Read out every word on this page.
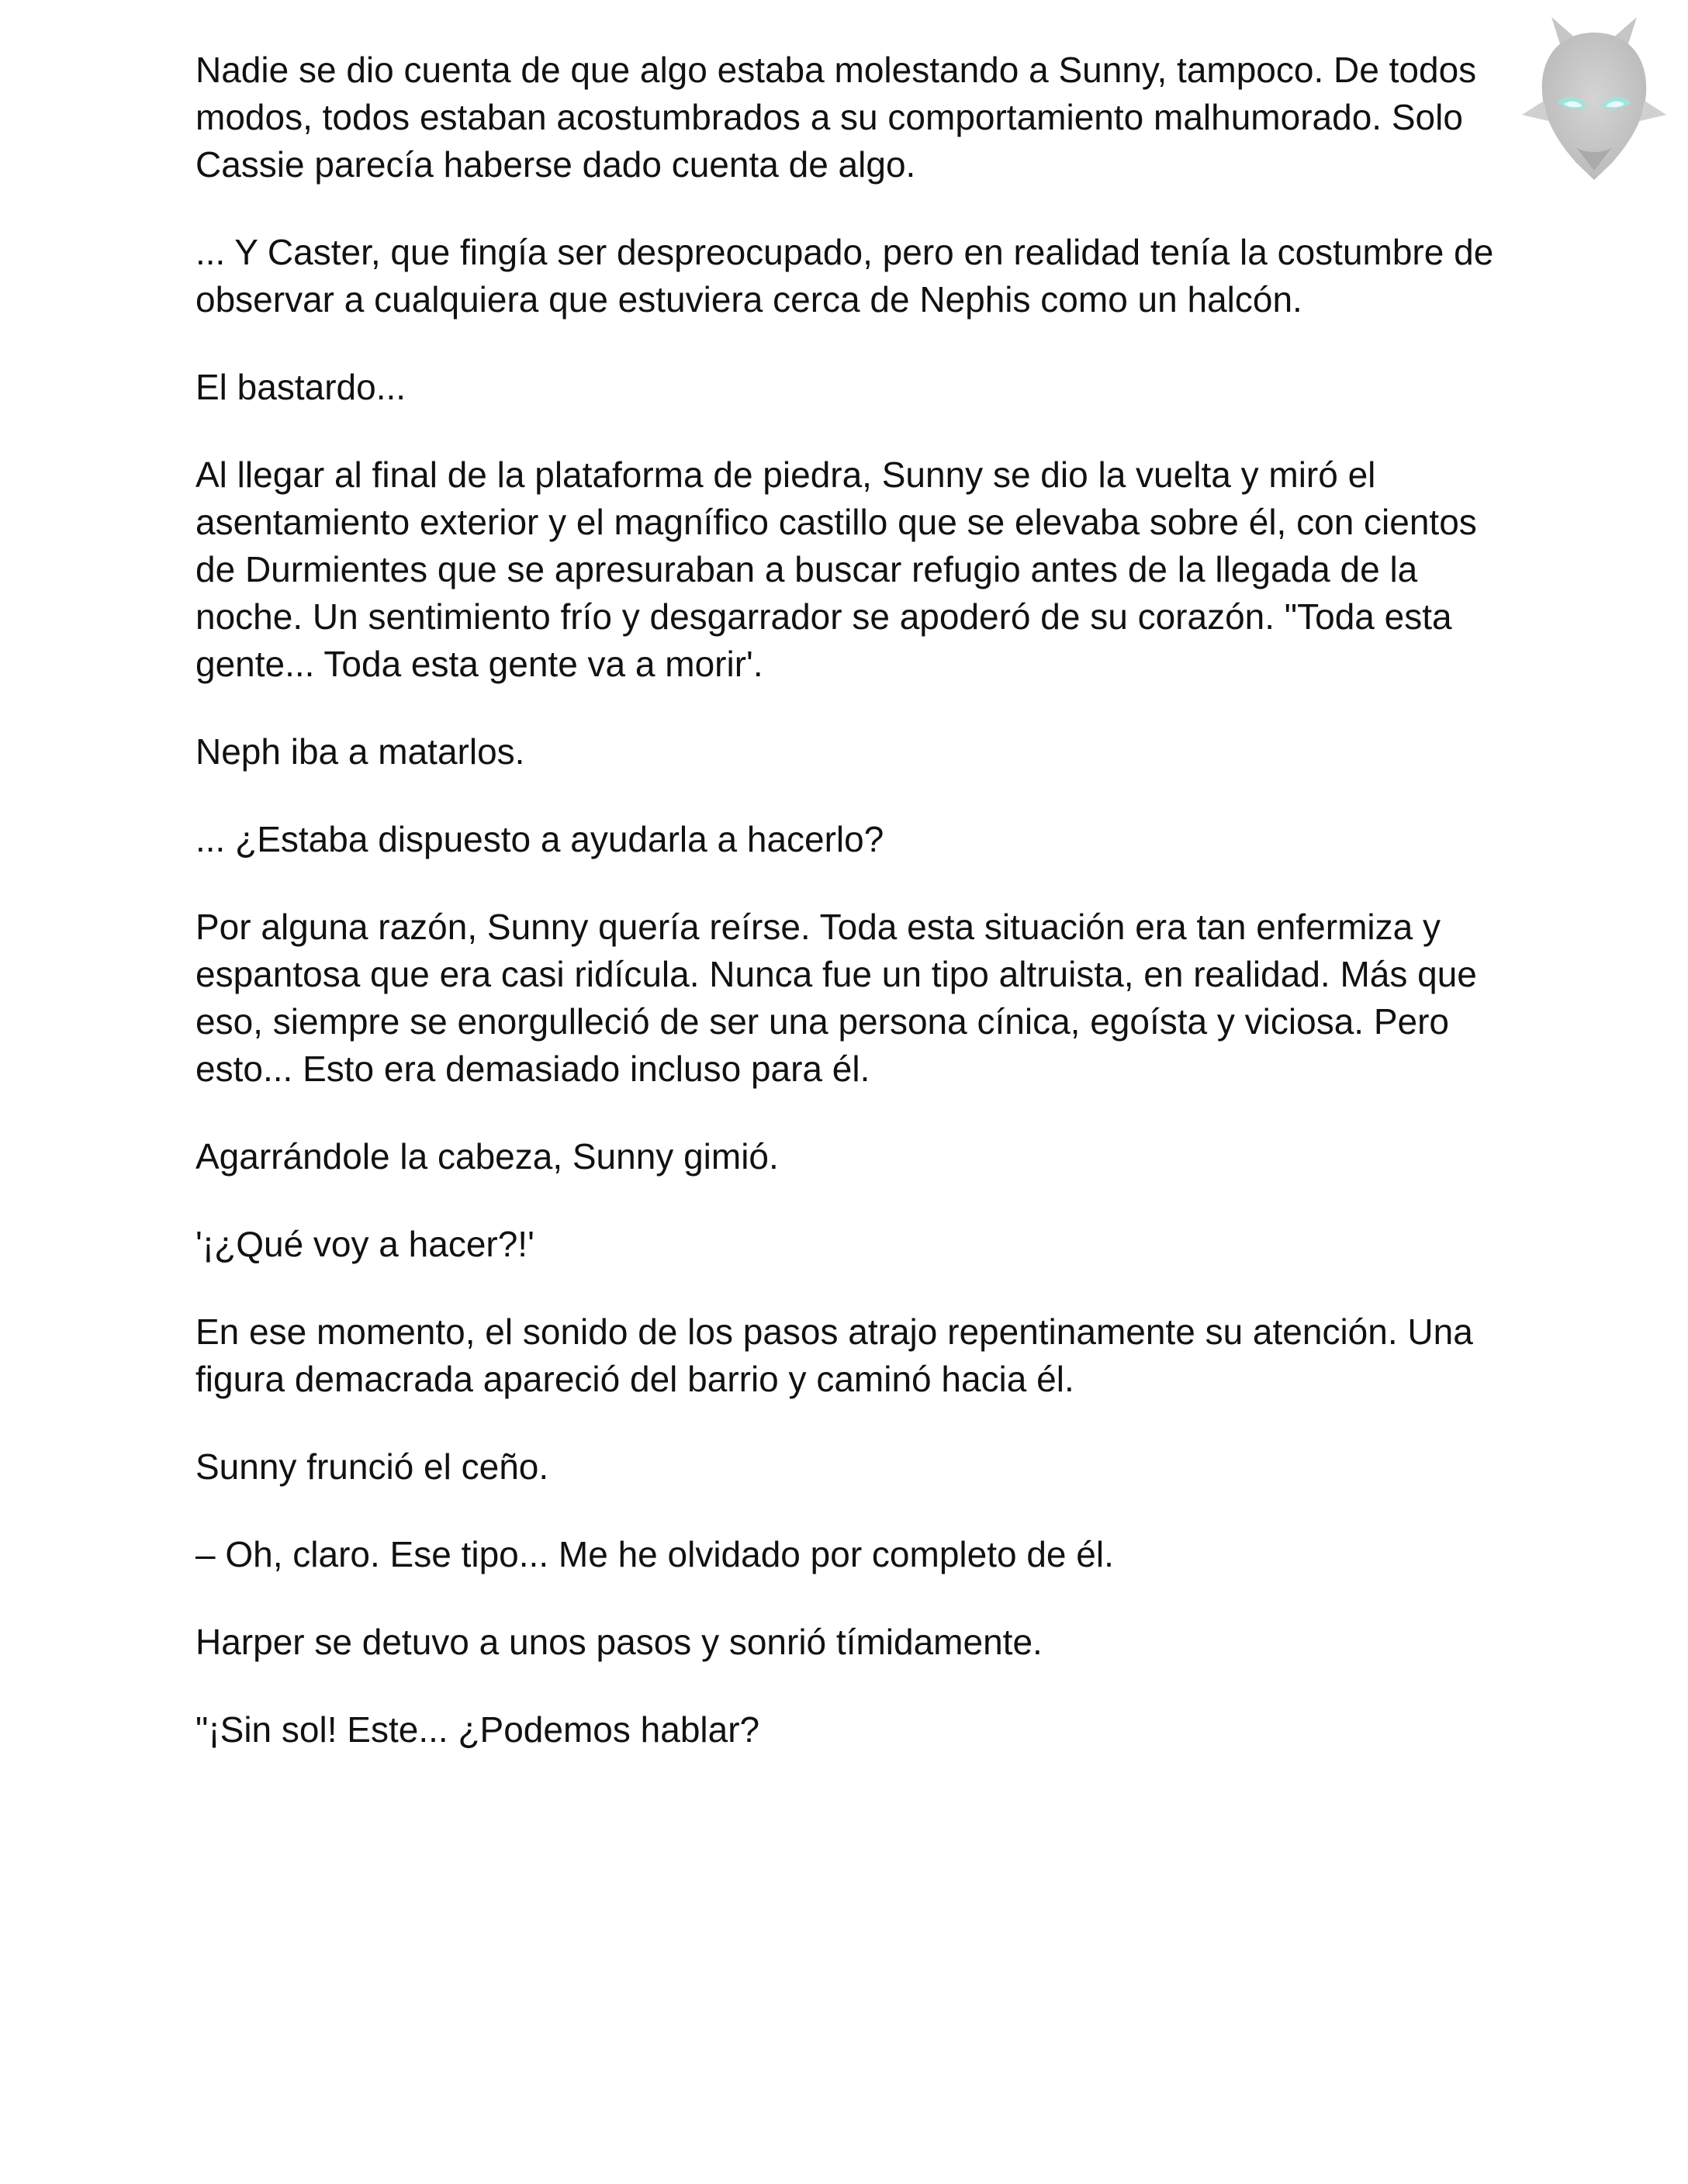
Nadie se dio cuenta de que algo estaba molestando a Sunny, tampoco. De todos modos, todos estaban acostumbrados a su comportamiento malhumorado. Solo Cassie parecía haberse dado cuenta de algo.

... Y Caster, que fingía ser despreocupado, pero en realidad tenía la costumbre de observar a cualquiera que estuviera cerca de Nephis como un halcón.

El bastardo...

Al llegar al final de la plataforma de piedra, Sunny se dio la vuelta y miró el asentamiento exterior y el magnífico castillo que se elevaba sobre él, con cientos de Durmientes que se apresuraban a buscar refugio antes de la llegada de la noche. Un sentimiento frío y desgarrador se apoderó de su corazón. "Toda esta gente... Toda esta gente va a morir'.

Neph iba a matarlos.

... ¿Estaba dispuesto a ayudarla a hacerlo?

Por alguna razón, Sunny quería reírse. Toda esta situación era tan enfermiza y espantosa que era casi ridícula. Nunca fue un tipo altruista, en realidad. Más que eso, siempre se enorgulleció de ser una persona cínica, egoísta y viciosa. Pero esto... Esto era demasiado incluso para él.

Agarrándole la cabeza, Sunny gimió.

'¡¿Qué voy a hacer?!'

En ese momento, el sonido de los pasos atrajo repentinamente su atención. Una figura demacrada apareció del barrio y caminó hacia él.

Sunny frunció el ceño.

– Oh, claro. Ese tipo... Me he olvidado por completo de él.

Harper se detuvo a unos pasos y sonrió tímidamente.

"¡Sin sol! Este... ¿Podemos hablar?
